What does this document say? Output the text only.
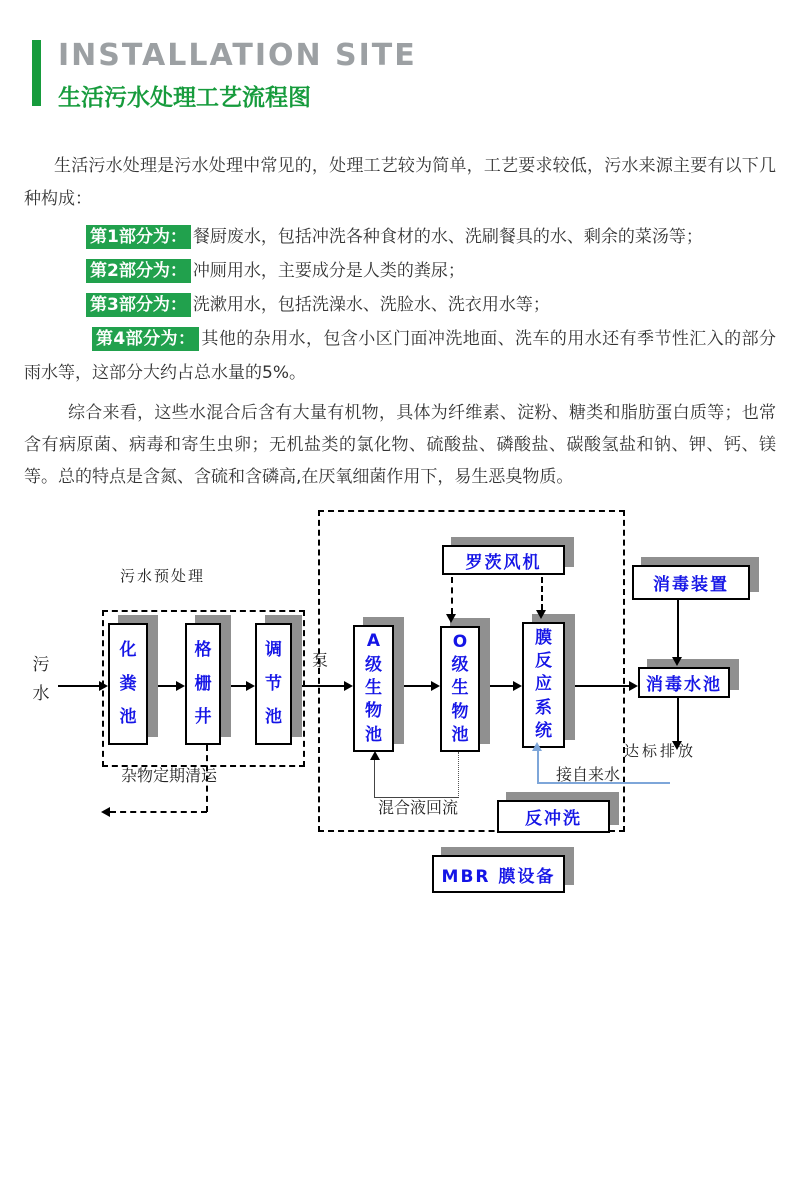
INSTALLATION SITE
生活污水处理工艺流程图

生活污水处理是污水处理中常见的，处理工艺较为简单，工艺要求较低，污水来源主要有以下几种构成：

第1部分为： 餐厨废水，包括冲洗各种食材的水、洗刷餐具的水、剩余的菜汤等；

第2部分为： 冲厕用水，主要成分是人类的粪尿；

第3部分为： 洗漱用水，包括洗澡水、洗脸水、洗衣用水等；

第4部分为： 其他的杂用水，包含小区门面冲洗地面、洗车的用水还有季节性汇入的部分雨水等，这部分大约占总水量的5%。

综合来看，这些水混合后含有大量有机物，具体为纤维素、淀粉、糖类和脂肪蛋白质等；也常含有病原菌、病毒和寄生虫卵；无机盐类的氯化物、硫酸盐、磷酸盐、碳酸氢盐和钠、钾、钙、镁等。总的特点是含氮、含硫和含磷高,在厌氧细菌作用下，易生恶臭物质。

污水预处理
污
水
泵
杂物定期清运
混合液回流
接自来水
达标排放
化
粪
池
格
栅
井
调
节
池
A
级
生
物
池
O
级
生
物
池
膜
反
应
系
统
罗茨风机
消毒装置
消毒水池
反冲洗
MBR 膜设备
